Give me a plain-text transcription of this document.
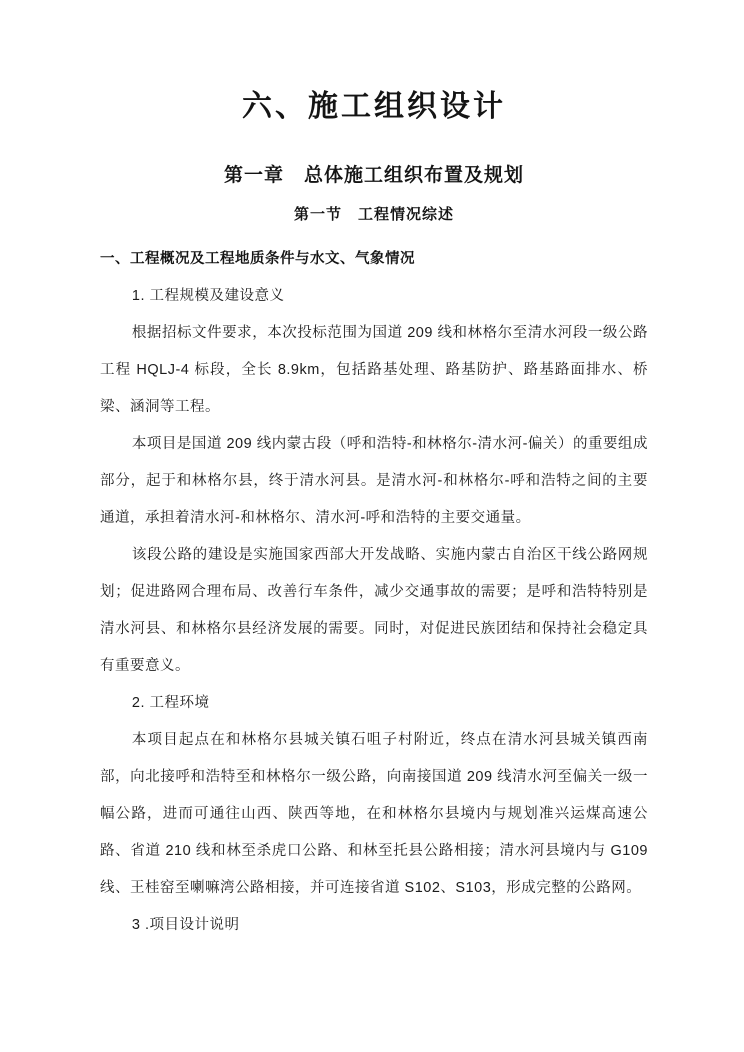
六、施工组织设计
第一章　总体施工组织布置及规划
第一节　工程情况综述

一、工程概况及工程地质条件与水文、气象情况

1. 工程规模及建设意义

根据招标文件要求，本次投标范围为国道 209 线和林格尔至清水河段一级公路工程 HQLJ-4 标段，全长 8.9km，包括路基处理、路基防护、路基路面排水、桥梁、涵洞等工程。

本项目是国道 209 线内蒙古段（呼和浩特-和林格尔-清水河-偏关）的重要组成部分，起于和林格尔县，终于清水河县。是清水河-和林格尔-呼和浩特之间的主要通道，承担着清水河-和林格尔、清水河-呼和浩特的主要交通量。

该段公路的建设是实施国家西部大开发战略、实施内蒙古自治区干线公路网规划；促进路网合理布局、改善行车条件，减少交通事故的需要；是呼和浩特特别是清水河县、和林格尔县经济发展的需要。同时，对促进民族团结和保持社会稳定具有重要意义。

2. 工程环境

本项目起点在和林格尔县城关镇石咀子村附近，终点在清水河县城关镇西南部，向北接呼和浩特至和林格尔一级公路，向南接国道 209 线清水河至偏关一级一幅公路，进而可通往山西、陕西等地，在和林格尔县境内与规划准兴运煤高速公路、省道 210 线和林至杀虎口公路、和林至托县公路相接；清水河县境内与 G109 线、王桂窑至喇嘛湾公路相接，并可连接省道 S102、S103，形成完整的公路网。

3 .项目设计说明
